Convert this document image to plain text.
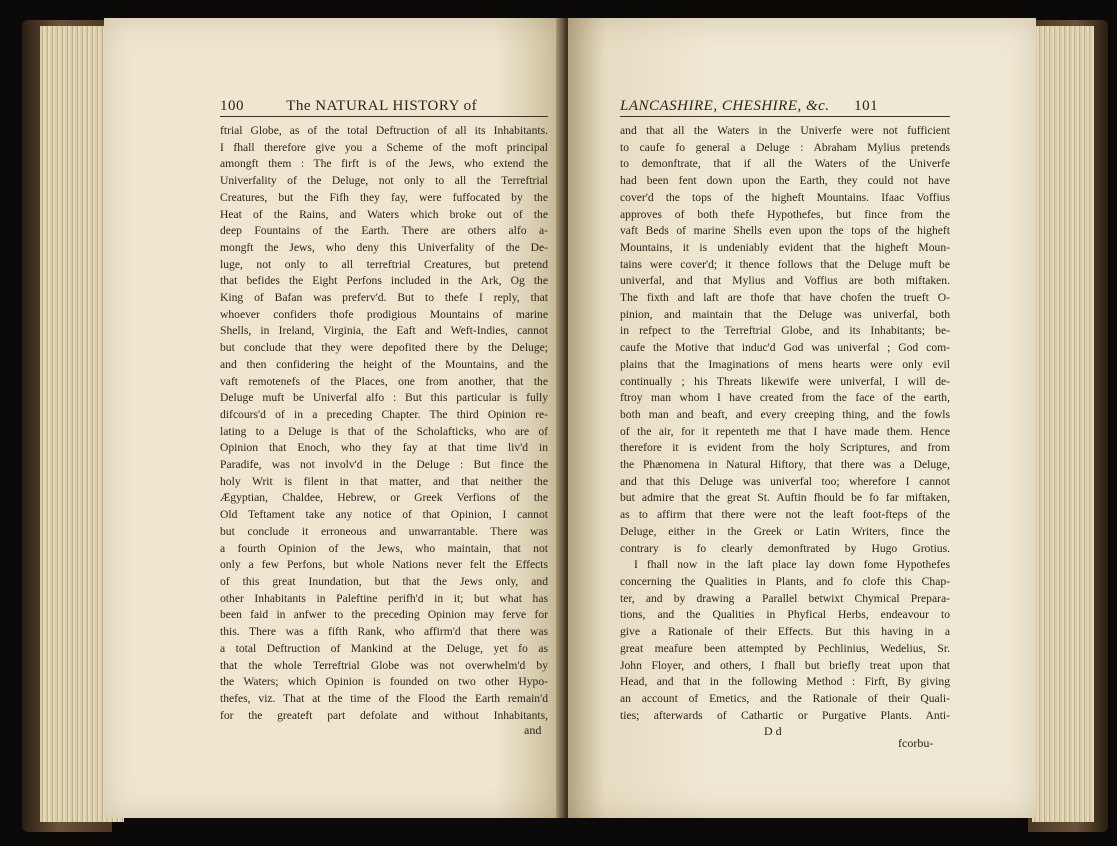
100	The NATURAL HISTORY of
ftrial Globe, as of the total Deftruction of all its Inhabitants.
I fhall therefore give you a Scheme of the moft principal
amongft them : The firft is of the Jews, who extend the
Univerfality of the Deluge, not only to all the Terreftrial
Creatures, but the Fifh they fay, were fuffocated by the
Heat of the Rains, and Waters which broke out of the
deep Fountains of the Earth. There are others alfo a-
mongft the Jews, who deny this Univerfality of the De-
luge, not only to all terreftrial Creatures, but pretend
that befides the Eight Perfons included in the Ark, Og the
King of Bafan was preferv'd. But to thefe I reply, that
whoever confiders thofe prodigious Mountains of marine
Shells, in Ireland, Virginia, the Eaft and Weft-Indies, cannot
but conclude that they were depofited there by the Deluge;
and then confidering the height of the Mountains, and the
vaft remotenefs of the Places, one from another, that the
Deluge muft be Univerfal alfo : But this particular is fully
difcours'd of in a preceding Chapter. The third Opinion re-
lating to a Deluge is that of the Scholafticks, who are of
Opinion that Enoch, who they fay at that time liv'd in
Paradife, was not involv'd in the Deluge : But fince the
holy Writ is filent in that matter, and that neither the
Ægyptian, Chaldee, Hebrew, or Greek Verfions of the
Old Teftament take any notice of that Opinion, I cannot
but conclude it erroneous and unwarrantable. There was
a fourth Opinion of the Jews, who maintain, that not
only a few Perfons, but whole Nations never felt the Effects
of this great Inundation, but that the Jews only, and
other Inhabitants in Paleftine perifh'd in it; but what has
been faid in anfwer to the preceding Opinion may ferve for
this. There was a fifth Rank, who affirm'd that there was
a total Deftruction of Mankind at the Deluge, yet fo as
that the whole Terreftrial Globe was not overwhelm'd by
the Waters; which Opinion is founded on two other Hypo-
thefes, viz. That at the time of the Flood the Earth remain'd
for the greateft part defolate and without Inhabitants,
and
LANCASHIRE, CHESHIRE, &c. 101
and that all the Waters in the Univerfe were not fufficient
to caufe fo general a Deluge : Abraham Mylius pretends
to demonftrate, that if all the Waters of the Univerfe
had been fent down upon the Earth, they could not have
cover'd the tops of the higheft Mountains. Ifaac Voffius
approves of both thefe Hypothefes, but fince from the
vaft Beds of marine Shells even upon the tops of the higheft
Mountains, it is undeniably evident that the higheft Moun-
tains were cover'd; it thence follows that the Deluge muft be
univerfal, and that Mylius and Voffius are both miftaken.
The fixth and laft are thofe that have chofen the trueft O-
pinion, and maintain that the Deluge was univerfal, both
in refpect to the Terreftrial Globe, and its Inhabitants; be-
caufe the Motive that induc'd God was univerfal ; God com-
plains that the Imaginations of mens hearts were only evil
continually ; his Threats likewife were univerfal, I will de-
ftroy man whom I have created from the face of the earth,
both man and beaft, and every creeping thing, and the fowls
of the air, for it repenteth me that I have made them. Hence
therefore it is evident from the holy Scriptures, and from
the Phænomena in Natural Hiftory, that there was a Deluge,
and that this Deluge was univerfal too; wherefore I cannot
but admire that the great St. Auftin fhould be fo far miftaken,
as to affirm that there were not the leaft foot-fteps of the
Deluge, either in the Greek or Latin Writers, fince the
contrary is fo clearly demonftrated by Hugo Grotius.
I fhall now in the laft place lay down fome Hypothefes
concerning the Qualities in Plants, and fo clofe this Chap-
ter, and by drawing a Parallel betwixt Chymical Prepara-
tions, and the Qualities in Phyfical Herbs, endeavour to
give a Rationale of their Effects. But this having in a
great meafure been attempted by Pechlinius, Wedelius, Sr.
John Floyer, and others, I fhall but briefly treat upon that
Head, and that in the following Method : Firft, By giving
an account of Emetics, and the Rationale of their Quali-
ties; afterwards of Cathartic or Purgative Plants. Anti-
D d
fcorbu-
